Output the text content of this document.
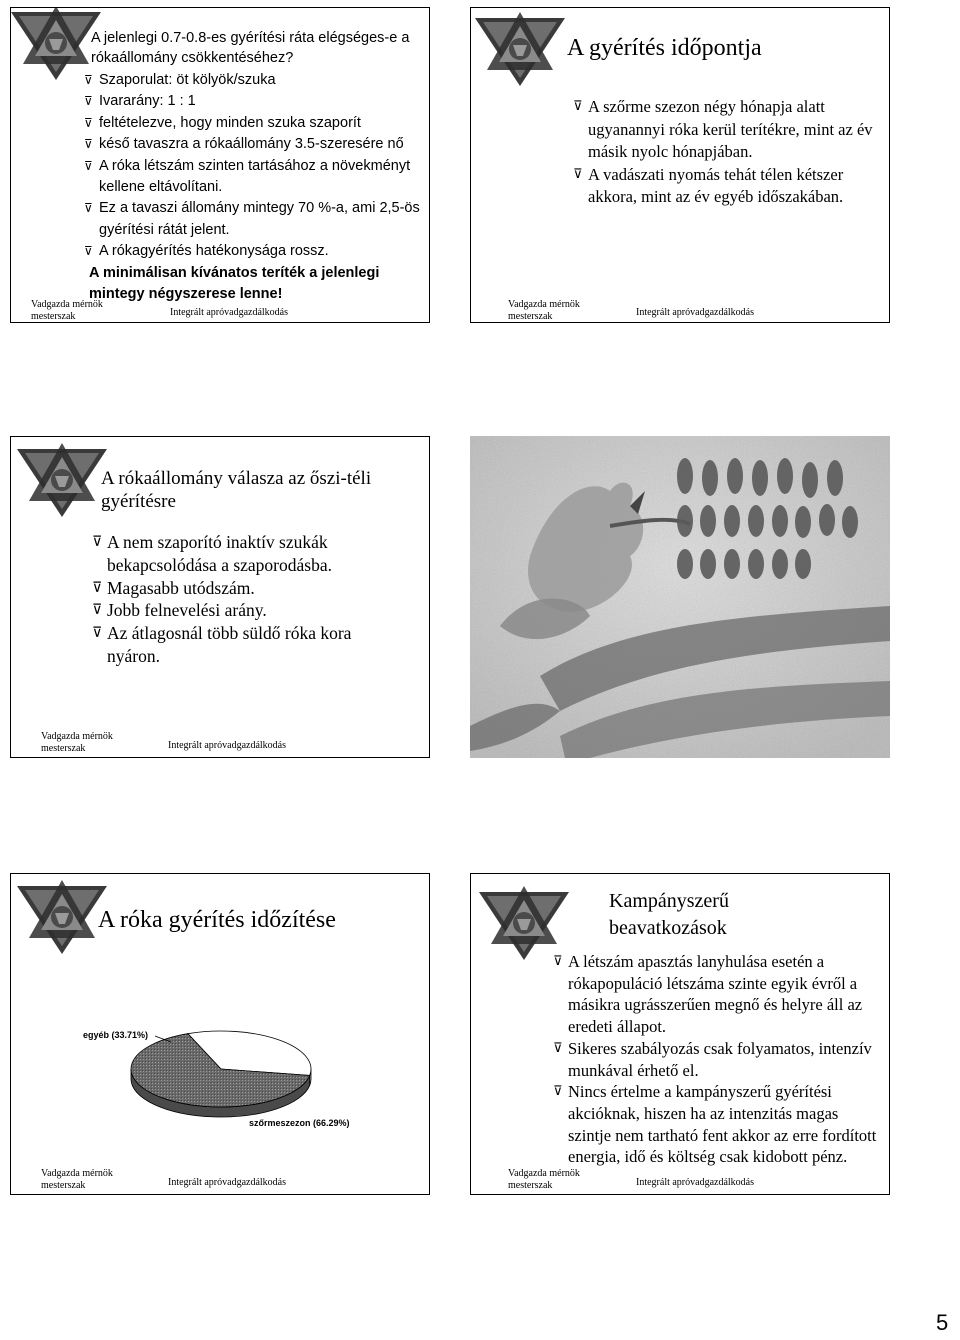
A jelenlegi 0.7-0.8-es gyérítési ráta elégséges-e a rókaállomány csökkentéséhez?
⊽ Szaporulat: öt kölyök/szuka
⊽ Ivararány: 1 : 1
⊽ feltételezve, hogy minden szuka szaporít
⊽ késő tavaszra a rókaállomány 3.5-szeresére nő
⊽ A róka létszám szinten tartásához a növekményt kellene eltávolítani.
⊽ Ez a tavaszi állomány mintegy 70 %-a, ami 2,5-ös gyérítési rátát jelent.
⊽ A rókagyérítés hatékonysága rossz.
A minimálisan kívánatos teríték a jelenlegi mintegy négyszerese lenne!
Vadgazda mérnök
mesterszak	Integrált apróvadgazdálkodás
A gyérítés időpontja
⊽ A szőrme szezon négy hónapja alatt ugyanannyi róka kerül terítékre, mint az év másik nyolc hónapjában.
⊽ A vadászati nyomás tehát télen kétszer akkora, mint az év egyéb időszakában.
Vadgazda mérnök
mesterszak	Integrált apróvadgazdálkodás
A rókaállomány válasza az őszi-téli gyérítésre
⊽ A nem szaporító inaktív szukák bekapcsolódása a szaporodásba.
⊽ Magasabb utódszám.
⊽ Jobb felnevelési arány.
⊽ Az átlagosnál több süldő róka kora nyáron.
Vadgazda mérnök
mesterszak	Integrált apróvadgazdálkodás
A róka gyérítés időzítése
egyéb (33.71%)
szőrmeszezon (66.29%)
Vadgazda mérnök
mesterszak	Integrált apróvadgazdálkodás
Kampányszerű
beavatkozások
⊽ A létszám apasztás lanyhulása esetén a rókapopuláció létszáma szinte egyik évről a másikra ugrásszerűen megnő és helyre áll az eredeti állapot.
⊽ Sikeres szabályozás csak folyamatos, intenzív munkával érhető el.
⊽ Nincs értelme a kampányszerű gyérítési akcióknak, hiszen ha az intenzitás magas szintje nem tartható fent akkor az erre fordított energia, idő és költség csak kidobott pénz.
Vadgazda mérnök
mesterszak	Integrált apróvadgazdálkodás
5
